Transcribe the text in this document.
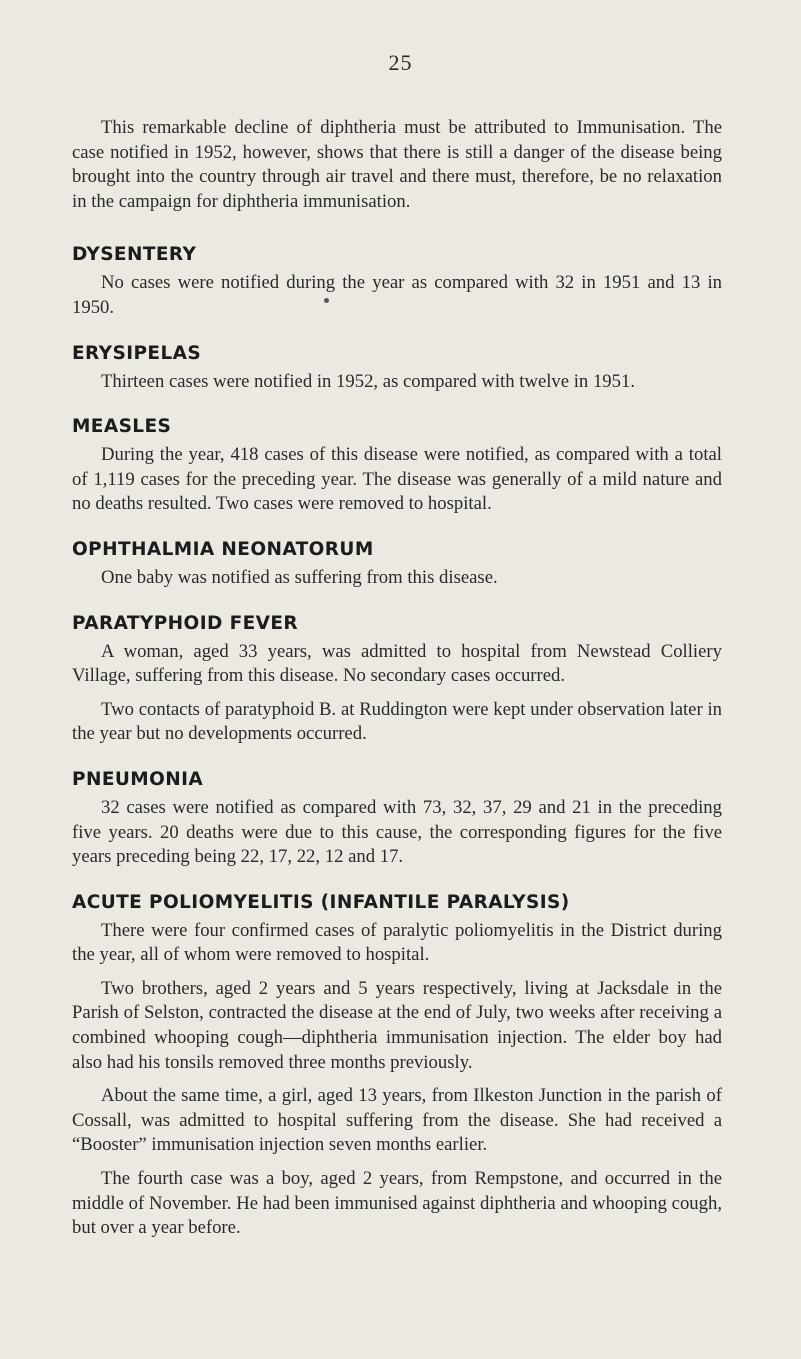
25

This remarkable decline of diphtheria must be attributed to Immunisation. The case notified in 1952, however, shows that there is still a danger of the disease being brought into the country through air travel and there must, therefore, be no relaxation in the campaign for diphtheria immunisation.

DYSENTERY

No cases were notified during the year as compared with 32 in 1951 and 13 in 1950.

ERYSIPELAS

Thirteen cases were notified in 1952, as compared with twelve in 1951.

MEASLES

During the year, 418 cases of this disease were notified, as compared with a total of 1,119 cases for the preceding year. The disease was generally of a mild nature and no deaths resulted. Two cases were removed to hospital.

OPHTHALMIA NEONATORUM

One baby was notified as suffering from this disease.

PARATYPHOID FEVER

A woman, aged 33 years, was admitted to hospital from Newstead Colliery Village, suffering from this disease. No secondary cases occurred.

Two contacts of paratyphoid B. at Ruddington were kept under observation later in the year but no developments occurred.

PNEUMONIA

32 cases were notified as compared with 73, 32, 37, 29 and 21 in the preceding five years. 20 deaths were due to this cause, the corresponding figures for the five years preceding being 22, 17, 22, 12 and 17.

ACUTE POLIOMYELITIS (INFANTILE PARALYSIS)

There were four confirmed cases of paralytic poliomyelitis in the District during the year, all of whom were removed to hospital.

Two brothers, aged 2 years and 5 years respectively, living at Jacksdale in the Parish of Selston, contracted the disease at the end of July, two weeks after receiving a combined whooping cough—diphtheria immunisation injection. The elder boy had also had his tonsils removed three months previously.

About the same time, a girl, aged 13 years, from Ilkeston Junction in the parish of Cossall, was admitted to hospital suffering from the disease. She had received a “Booster” immunisation injection seven months earlier.

The fourth case was a boy, aged 2 years, from Rempstone, and occurred in the middle of November. He had been immunised against diphtheria and whooping cough, but over a year before.
